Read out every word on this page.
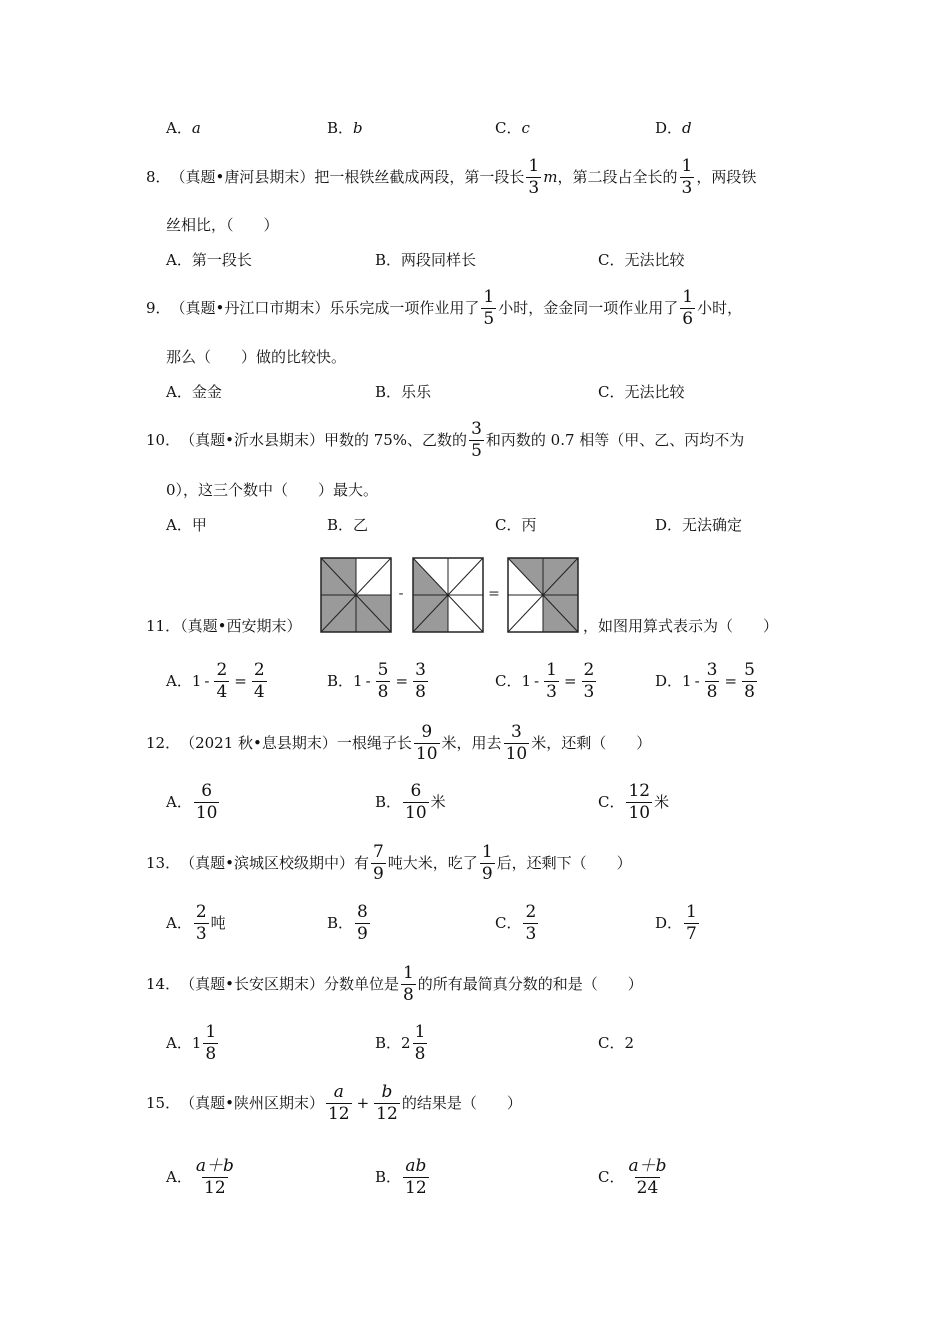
A．a	B．b	C．c	D．d
8． （真题•唐河县期末） 把一根铁丝截成两段，第一段长 $\frac{1}{3}$ m ，第二段占全长的 $\frac{1}{3}$ ，两段铁
丝相比，（　　）
A．第一段长	B．两段同样长	C．无法比较
9． （真题•丹江口市期末） 乐乐完成一项作业用了 $\frac{1}{5}$ 小时，金金同一项作业用了 $\frac{1}{6}$ 小时，
那么（　　）做的比较快。
A．金金	B．乐乐	C．无法比较
10． （真题•沂水县期末） 甲数的 75%、乙数的 $\frac{3}{5}$ 和丙数的 0.7 相等（甲、乙、丙均不为
0），这三个数中（　　）最大。
A．甲	B．乙	C．丙	D．无法确定
11．（真题•西安期末）
-	=
，如图用算式表示为（　　）
A． $1 - \frac{2}{4} = \frac{2}{4}$	B． $1 - \frac{5}{8} = \frac{3}{8}$	C． $1 - \frac{1}{3} = \frac{2}{3}$	D． $1 - \frac{3}{8} = \frac{5}{8}$
12． （2021 秋•息县期末） 一根绳子长 $\frac{9}{10}$ 米，用去 $\frac{3}{10}$ 米，还剩（　　）
A． $\frac{6}{10}$	B． $\frac{6}{10}$ 米	C． $\frac{12}{10}$ 米
13． （真题•滨城区校级期中） 有 $\frac{7}{9}$ 吨大米，吃了 $\frac{1}{9}$ 后，还剩下（　　）
A． $\frac{2}{3}$ 吨	B． $\frac{8}{9}$	C． $\frac{2}{3}$	D． $\frac{1}{7}$
14． （真题•长安区期末） 分数单位是 $\frac{1}{8}$ 的所有最简真分数的和是（　　）
A． $1 \frac{1}{8}$	B． $2 \frac{1}{8}$	C．2
15． （真题•陕州区期末） $\frac{a}{12} + \frac{b}{12}$ 的结果是（　　）
A． $\frac{a+b}{12}$	B． $\frac{ab}{12}$	C． $\frac{a+b}{24}$
